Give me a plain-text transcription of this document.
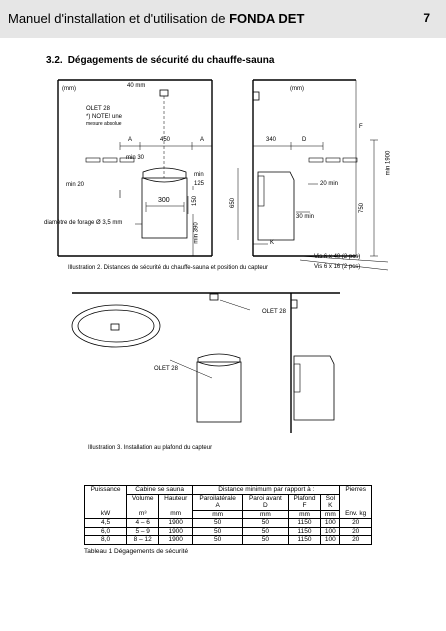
Manuel d'installation et d'utilisation de FONDA DET	7
3.2. Dégagements de sécurité du chauffe-sauna
(mm)	(mm)
40 mm
OLET 28
*) NOTE! une
mesure absolue
A	450	A
min 30
min
125
min 20
300	150
diamètre de forage Ø 3,5 mm	min 390
340	D
F
min 1900
650
20 min
30 min
750
K
Vis 6 x 40 (2 pcs)
Vis 6 x 16 (2 pcs)
Illustration 2. Distances de sécurité du chauffe-sauna et position du capteur
OLET 28
OLET 28
Illustration 3. Installation au plafond du capteur
Puissance	Cabine se sauna		Distance minimum par rapport à :				Pierres
	Volume	Hauteur	Paroilatérale	Paroi avant	Plafond	Sol	
			A	D	F	K	
kW	m³	mm	mm	mm	mm	mm	Env. kg
4,5	4 – 6	1900	50	50	1150	100	20
6,0	5 – 9	1900	50	50	1150	100	20
8,0	8 – 12	1900	50	50	1150	100	20
Tableau 1 Dégagements de sécurité
